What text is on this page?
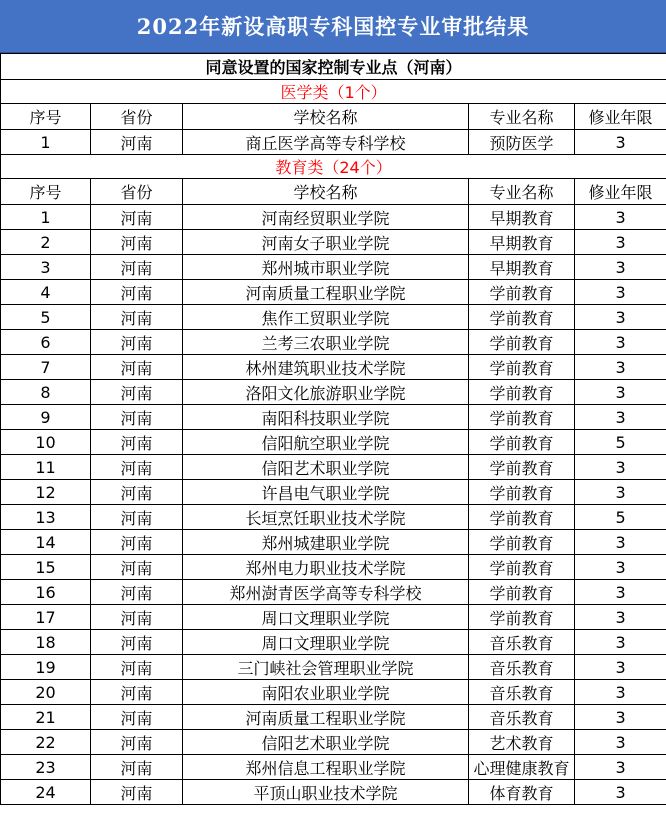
2022年新设高职专科国控专业审批结果
同意设置的国家控制专业点（河南）				
医学类（1个）				
序号	省份	学校名称	专业名称	修业年限
1	河南	商丘医学高等专科学校	预防医学	3
教育类（24个）				
序号	省份	学校名称	专业名称	修业年限
1	河南	河南经贸职业学院	早期教育	3
2	河南	河南女子职业学院	早期教育	3
3	河南	郑州城市职业学院	早期教育	3
4	河南	河南质量工程职业学院	学前教育	3
5	河南	焦作工贸职业学院	学前教育	3
6	河南	兰考三农职业学院	学前教育	3
7	河南	林州建筑职业技术学院	学前教育	3
8	河南	洛阳文化旅游职业学院	学前教育	3
9	河南	南阳科技职业学院	学前教育	3
10	河南	信阳航空职业学院	学前教育	5
11	河南	信阳艺术职业学院	学前教育	3
12	河南	许昌电气职业学院	学前教育	3
13	河南	长垣烹饪职业技术学院	学前教育	5
14	河南	郑州城建职业学院	学前教育	3
15	河南	郑州电力职业技术学院	学前教育	3
16	河南	郑州澍青医学高等专科学校	学前教育	3
17	河南	周口文理职业学院	学前教育	3
18	河南	周口文理职业学院	音乐教育	3
19	河南	三门峡社会管理职业学院	音乐教育	3
20	河南	南阳农业职业学院	音乐教育	3
21	河南	河南质量工程职业学院	音乐教育	3
22	河南	信阳艺术职业学院	艺术教育	3
23	河南	郑州信息工程职业学院	心理健康教育	3
24	河南	平顶山职业技术学院	体育教育	3
